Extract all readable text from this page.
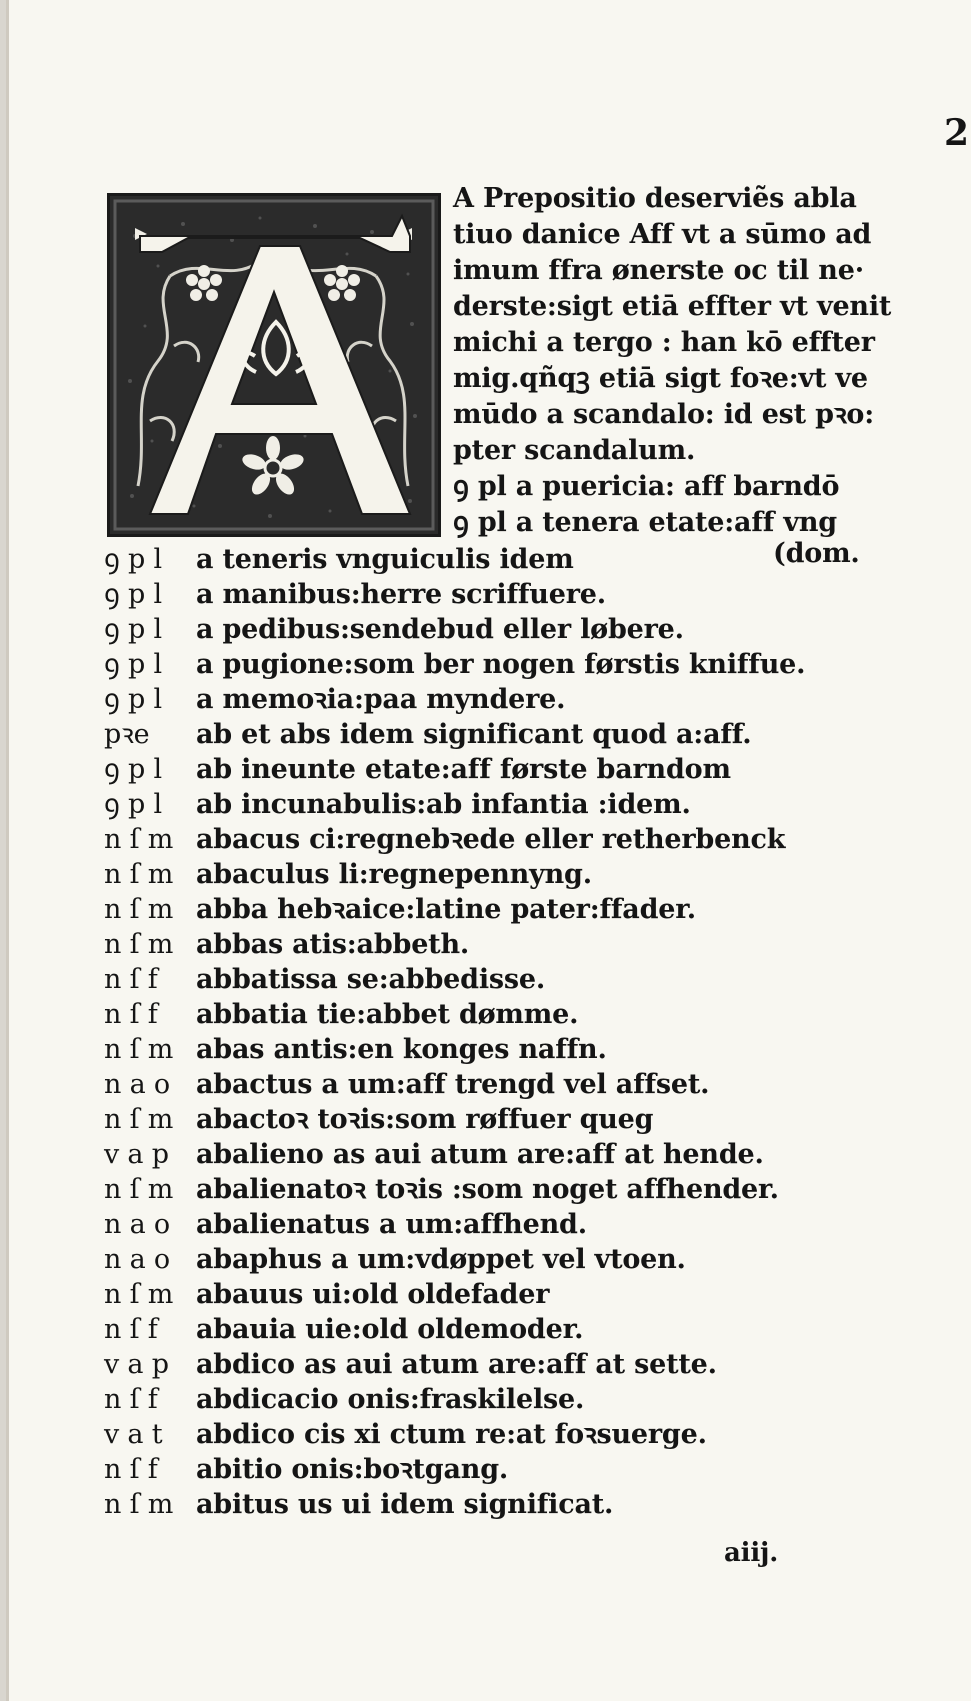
2
A Prepositio deserviẽs abla
tiuo danice Aff vt a sūmo ad
imum ffra ønerste oc til ne·
derste:sigt etiā effter vt venit
michi a tergo : han kō effter
mig.qñqꝫ etiā sigt foꝛe:vt ve
mūdo a scandalo: id est pꝛo:
pter scandalum.
ꝯ pl a puericia: aff barndō
ꝯ pl a tenera etate:aff vng
(dom.
ꝯ p l a teneris vnguiculis idem
ꝯ p l a manibus:herre scriffuere.
ꝯ p l a pedibus:sendebud eller løbere.
ꝯ p l a pugione:som ber nogen førstis kniffue.
ꝯ p l a memoꝛia:paa myndere.
pꝛe ab et abs idem significant quod a:aff.
ꝯ p l ab ineunte etate:aff første barndom
ꝯ p l ab incunabulis:ab infantia :idem.
n ſ m abacus ci:regnebꝛede eller retherbenck
n ſ m abaculus li:regnepennyng.
n ſ m abba hebꝛaice:latine pater:ffader.
n ſ m abbas atis:abbeth.
n ſ f abbatissa se:abbedisse.
n ſ f abbatia tie:abbet dømme.
n ſ m abas antis:en konges naffn.
n a o abactus a um:aff trengd vel affset.
n ſ m abactoꝛ toꝛis:som røffuer queg
v a p abalieno as aui atum are:aff at hende.
n ſ m abalienatoꝛ toꝛis :som noget affhender.
n a o abalienatus a um:affhend.
n a o abaphus a um:vdøppet vel vtoen.
n ſ m abauus ui:old oldefader
n ſ f abauia uie:old oldemoder.
v a p abdico as aui atum are:aff at sette.
n ſ f abdicacio onis:fraskilelse.
v a t abdico cis xi ctum re:at foꝛsuerge.
n ſ f abitio onis:boꝛtgang.
n ſ m abitus us ui idem significat.
aiij.
